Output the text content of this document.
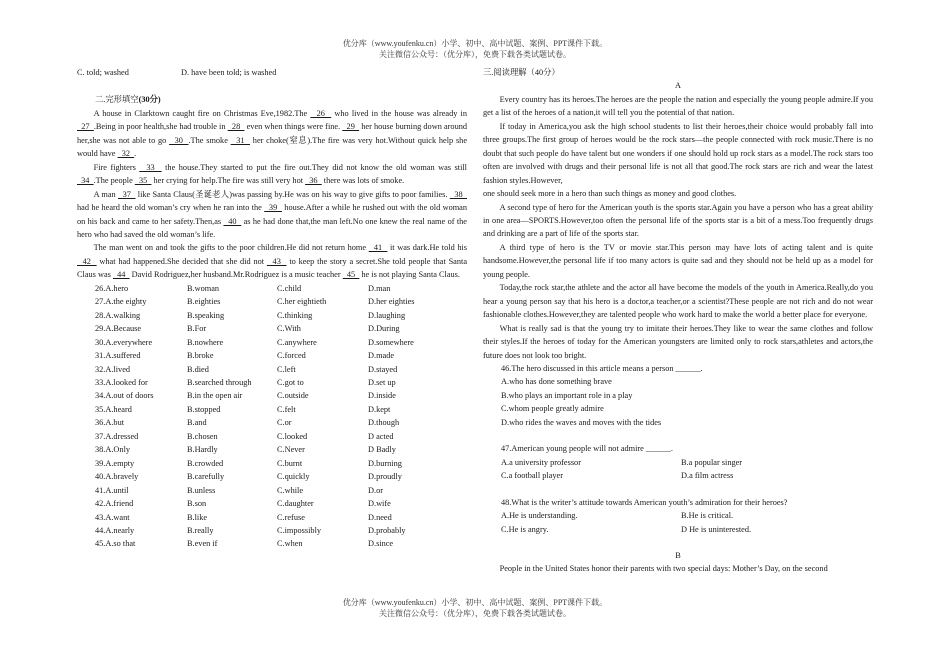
优分库（www.youfenku.cn）小学、初中、高中试题、案例、PPT课件下载。
关注微信公众号：（优分库），免费下载各类试题试卷。
C. told; washed	D. have been told; is washed
二.完形填空(30分)

A house in Clarktown caught fire on Christmas Eve,1982.The   26   who lived in the house was already in   27  .Being in poor health,she had trouble in   28   even when things were fine.   29   her house burning down around her,she was not able to go   30  .The smoke   31   her choke(窒息).The fire was very hot.Without quick help she would have   32  .

Fire fighters   33   the house.They started to put the fire out.They did not know the old woman was still   34  .The people   35   her crying for help.The fire was still very hot   36   there was lots of smoke.

A man   37   like Santa Claus(圣诞老人)was passing by.He was on his way to give gifts to poor families.   38   had he heard the old woman’s cry when he ran into the   39   house.After a while he rushed out with the old woman on his back and came to her safety.Then,as   40   as he had done that,the man left.No one knew the real name of the hero who had saved the old woman’s life.

The man went on and took the gifts to the poor children.He did not return home   41   it was dark.He told his   42   what had happened.She decided that she did not   43   to keep the story a secret.She told people that Santa Claus was   44   David Rodriguez,her husband.Mr.Rodriguez is a music teacher   45   he is not playing Santa Claus.

26.A.hero	B.woman	C.child	D.man
27.A.the eighty	B.eighties	C.her eightieth	D.her eighties
28.A.walking	B.speaking	C.thinking	D.laughing
29.A.Because	B.For	C.With	D.During
30.A.everywhere	B.nowhere	C.anywhere	D.somewhere
31.A.suffered	B.broke	C.forced	D.made
32.A.lived	B.died	C.left	D.stayed
33.A.looked for	B.searched through	C.got to	D.set up
34.A.out of doors	B.in the open air	C.outside	D.inside
35.A.heard	B.stopped	C.felt	D.kept
36.A.but	B.and	C.or	D.though
37.A.dressed	B.chosen	C.looked	D acted
38.A.Only	B.Hardly	C.Never	D Badly
39.A.empty	B.crowded	C.burnt	D.burning
40.A.bravely	B.carefully	C.quickly	D.proudly
41.A.until	B.unless	C.while	D.or
42.A.friend	B.son	C.daughter	D.wife
43.A.want	B.like	C.refuse	D.need
44.A.nearly	B.really	C.impossibly	D.probably
45.A.so that	B.even if	C.when	D.since
三.阅读理解（40分）
A

Every country has its heroes.The heroes are the people the nation and especially the young people admire.If you get a list of the heroes of a nation,it will tell you the potential of that nation.

If today in America,you ask the high school students to list their heroes,their choice would probably fall into three groups.The first group of heroes would be the rock stars—the people connected with rock music.There is no doubt that such people do have talent but one wonders if one should hold up rock stars as a model.The rock stars too often are involved with drugs and their personal life is not all that good.The rock stars are rich and wear the latest fashion styles.However,

one should seek more in a hero than such things as money and good clothes.

A second type of hero for the American youth is the sports star.Again you have a person who has a great ability in one area—SPORTS.However,too often the personal life of the sports star is a bit of a mess.Too frequently drugs and drinking are a part of life of the sports star.

A third type of hero is the TV or movie star.This person may have lots of acting talent and is quite handsome.However,the personal life if too many actors is quite sad and they should not be held up as a model for young people.

Today,the rock star,the athlete and the actor all have become the models of the youth in America.Really,do you hear a young person say that his hero is a doctor,a teacher,or a scientist?These people are not rich and do not wear fashionable clothes.However,they are talented people who work hard to make the world a better place for everyone.

What is really sad is that the young try to imitate their heroes.They like to wear the same clothes and follow their styles.If the heroes of today for the American youngsters are limited only to rock stars,athletes and actors,the future does not look too bright.

46.The hero discussed in this article means a person ______.
A.who has done something brave
B.who plays an important role in a play
C.whom people greatly admire
D.who rides the waves and moves with the tides
47.American young people will not admire ______.
A.a university professor	B.a popular singer
C.a football player	D.a film actress
48.What is the writer’s attitude towards American youth’s admiration for their heroes?
A.He is understanding.	B.He is critical.
C.He is angry.	D He is uninterested.
B

People in the United States honor their parents with two special days: Mother’s Day, on the second

优分库（www.youfenku.cn）小学、初中、高中试题、案例、PPT课件下载。
关注微信公众号：（优分库），免费下载各类试题试卷。
